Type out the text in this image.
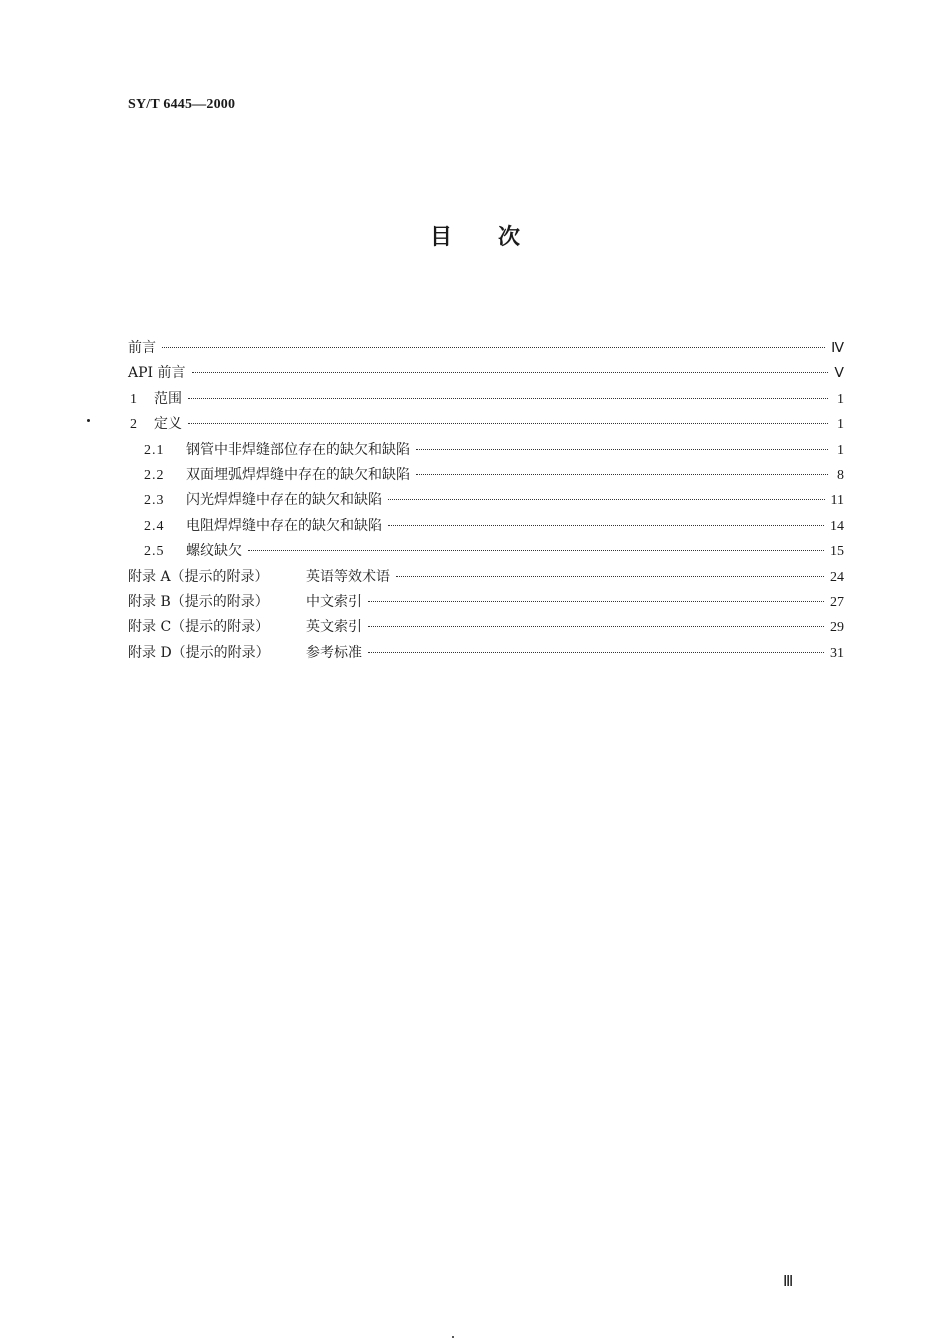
SY/T 6445—2000
目次
前言	Ⅳ
API 前言	Ⅴ
1	范围	1
2	定义	1
2.1	钢管中非焊缝部位存在的缺欠和缺陷	1
2.2	双面埋弧焊焊缝中存在的缺欠和缺陷	8
2.3	闪光焊焊缝中存在的缺欠和缺陷	11
2.4	电阻焊焊缝中存在的缺欠和缺陷	14
2.5	螺纹缺欠	15
附录 A（提示的附录）	英语等效术语	24
附录 B（提示的附录）	中文索引	27
附录 C（提示的附录）	英文索引	29
附录 D（提示的附录）	参考标准	31
Ⅲ
